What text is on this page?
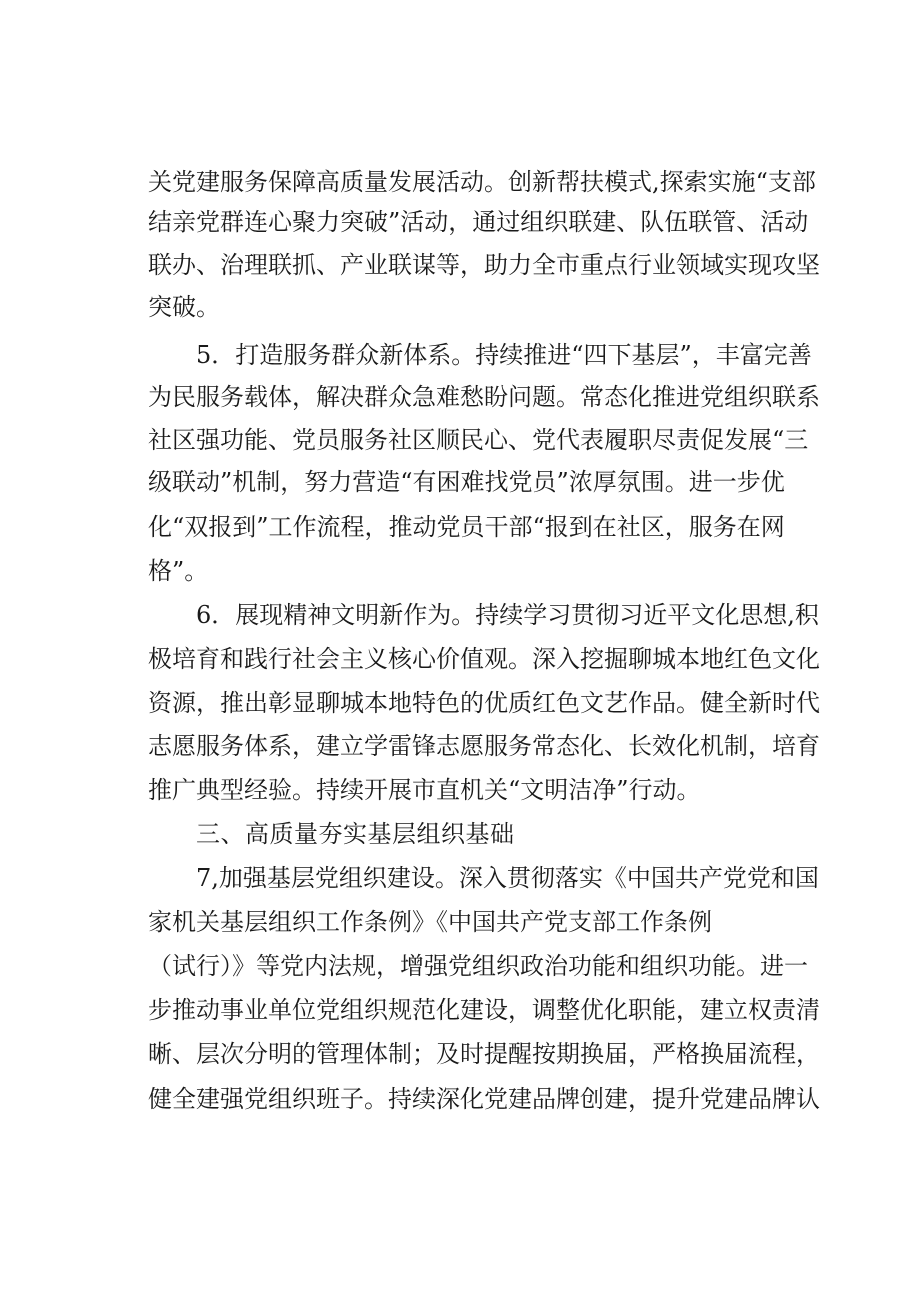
关党建服务保障高质量发展活动。创新帮扶模式,探索实施“支部
结亲党群连心聚力突破”活动，通过组织联建、队伍联管、活动
联办、治理联抓、产业联谋等，助力全市重点行业领域实现攻坚
突破。
5．打造服务群众新体系。持续推进“四下基层”，丰富完善
为民服务载体，解决群众急难愁盼问题。常态化推进党组织联系
社区强功能、党员服务社区顺民心、党代表履职尽责促发展“三
级联动”机制，努力营造“有困难找党员”浓厚氛围。进一步优
化“双报到”工作流程，推动党员干部“报到在社区，服务在网
格”。
6．展现精神文明新作为。持续学习贯彻习近平文化思想,积
极培育和践行社会主义核心价值观。深入挖掘聊城本地红色文化
资源，推出彰显聊城本地特色的优质红色文艺作品。健全新时代
志愿服务体系，建立学雷锋志愿服务常态化、长效化机制，培育
推广典型经验。持续开展市直机关“文明洁净”行动。
三、高质量夯实基层组织基础
7,加强基层党组织建设。深入贯彻落实《中国共产党党和国
家机关基层组织工作条例》《中国共产党支部工作条例
（试行）》等党内法规，增强党组织政治功能和组织功能。进一
步推动事业单位党组织规范化建设，调整优化职能，建立权责清
晰、层次分明的管理体制；及时提醒按期换届，严格换届流程，
健全建强党组织班子。持续深化党建品牌创建，提升党建品牌认
